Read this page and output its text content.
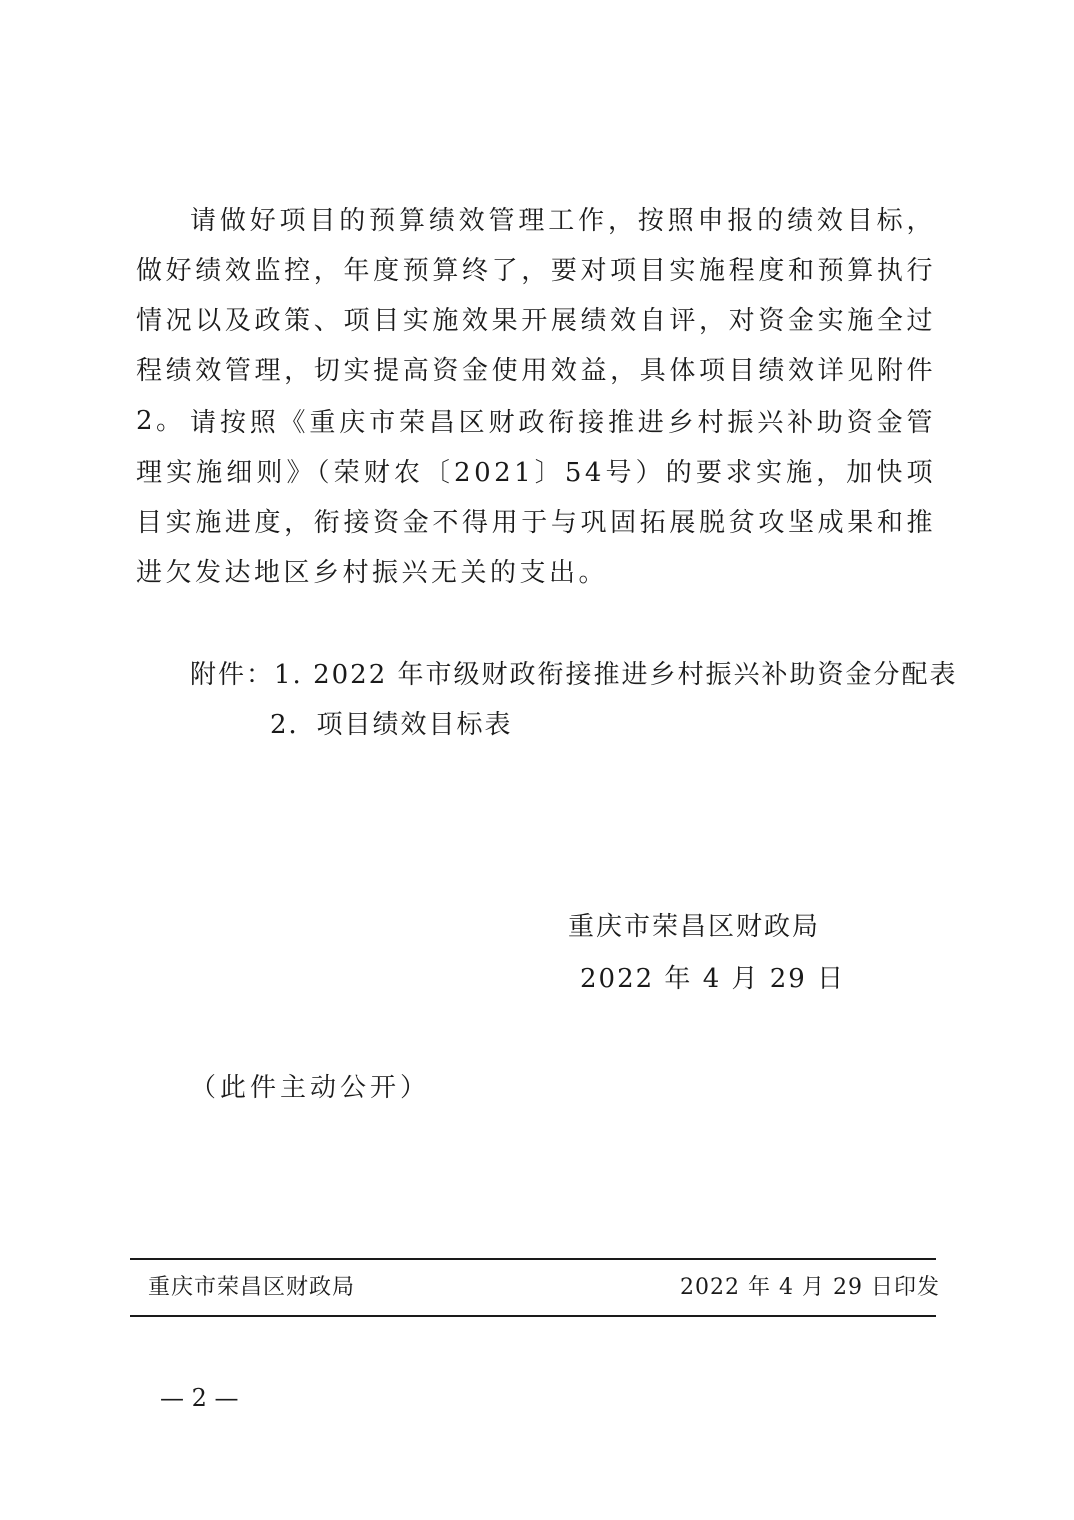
请做好项目的预算绩效管理工作，按照申报的绩效目标，做好绩效监控，年度预算终了，要对项目实施程度和预算执行情况以及政策、项目实施效果开展绩效自评，对资金实施全过程绩效管理，切实提高资金使用效益，具体项目绩效详见附件2。 请按照《重庆市荣昌区财政衔接推进乡村振兴补助资金管理实施细则》（荣财农〔2021〕54号）的要求实施，加快项目实施进度，衔接资金不得用于与巩固拓展脱贫攻坚成果和推进欠发达地区乡村振兴无关的支出。

附件：1. 2022 年市级财政衔接推进乡村振兴补助资金分配表
2．项目绩效目标表
重庆市荣昌区财政局
2022 年 4 月 29 日
（此件主动公开）
重庆市荣昌区财政局	2022 年 4 月 29 日印发
— 2 —
